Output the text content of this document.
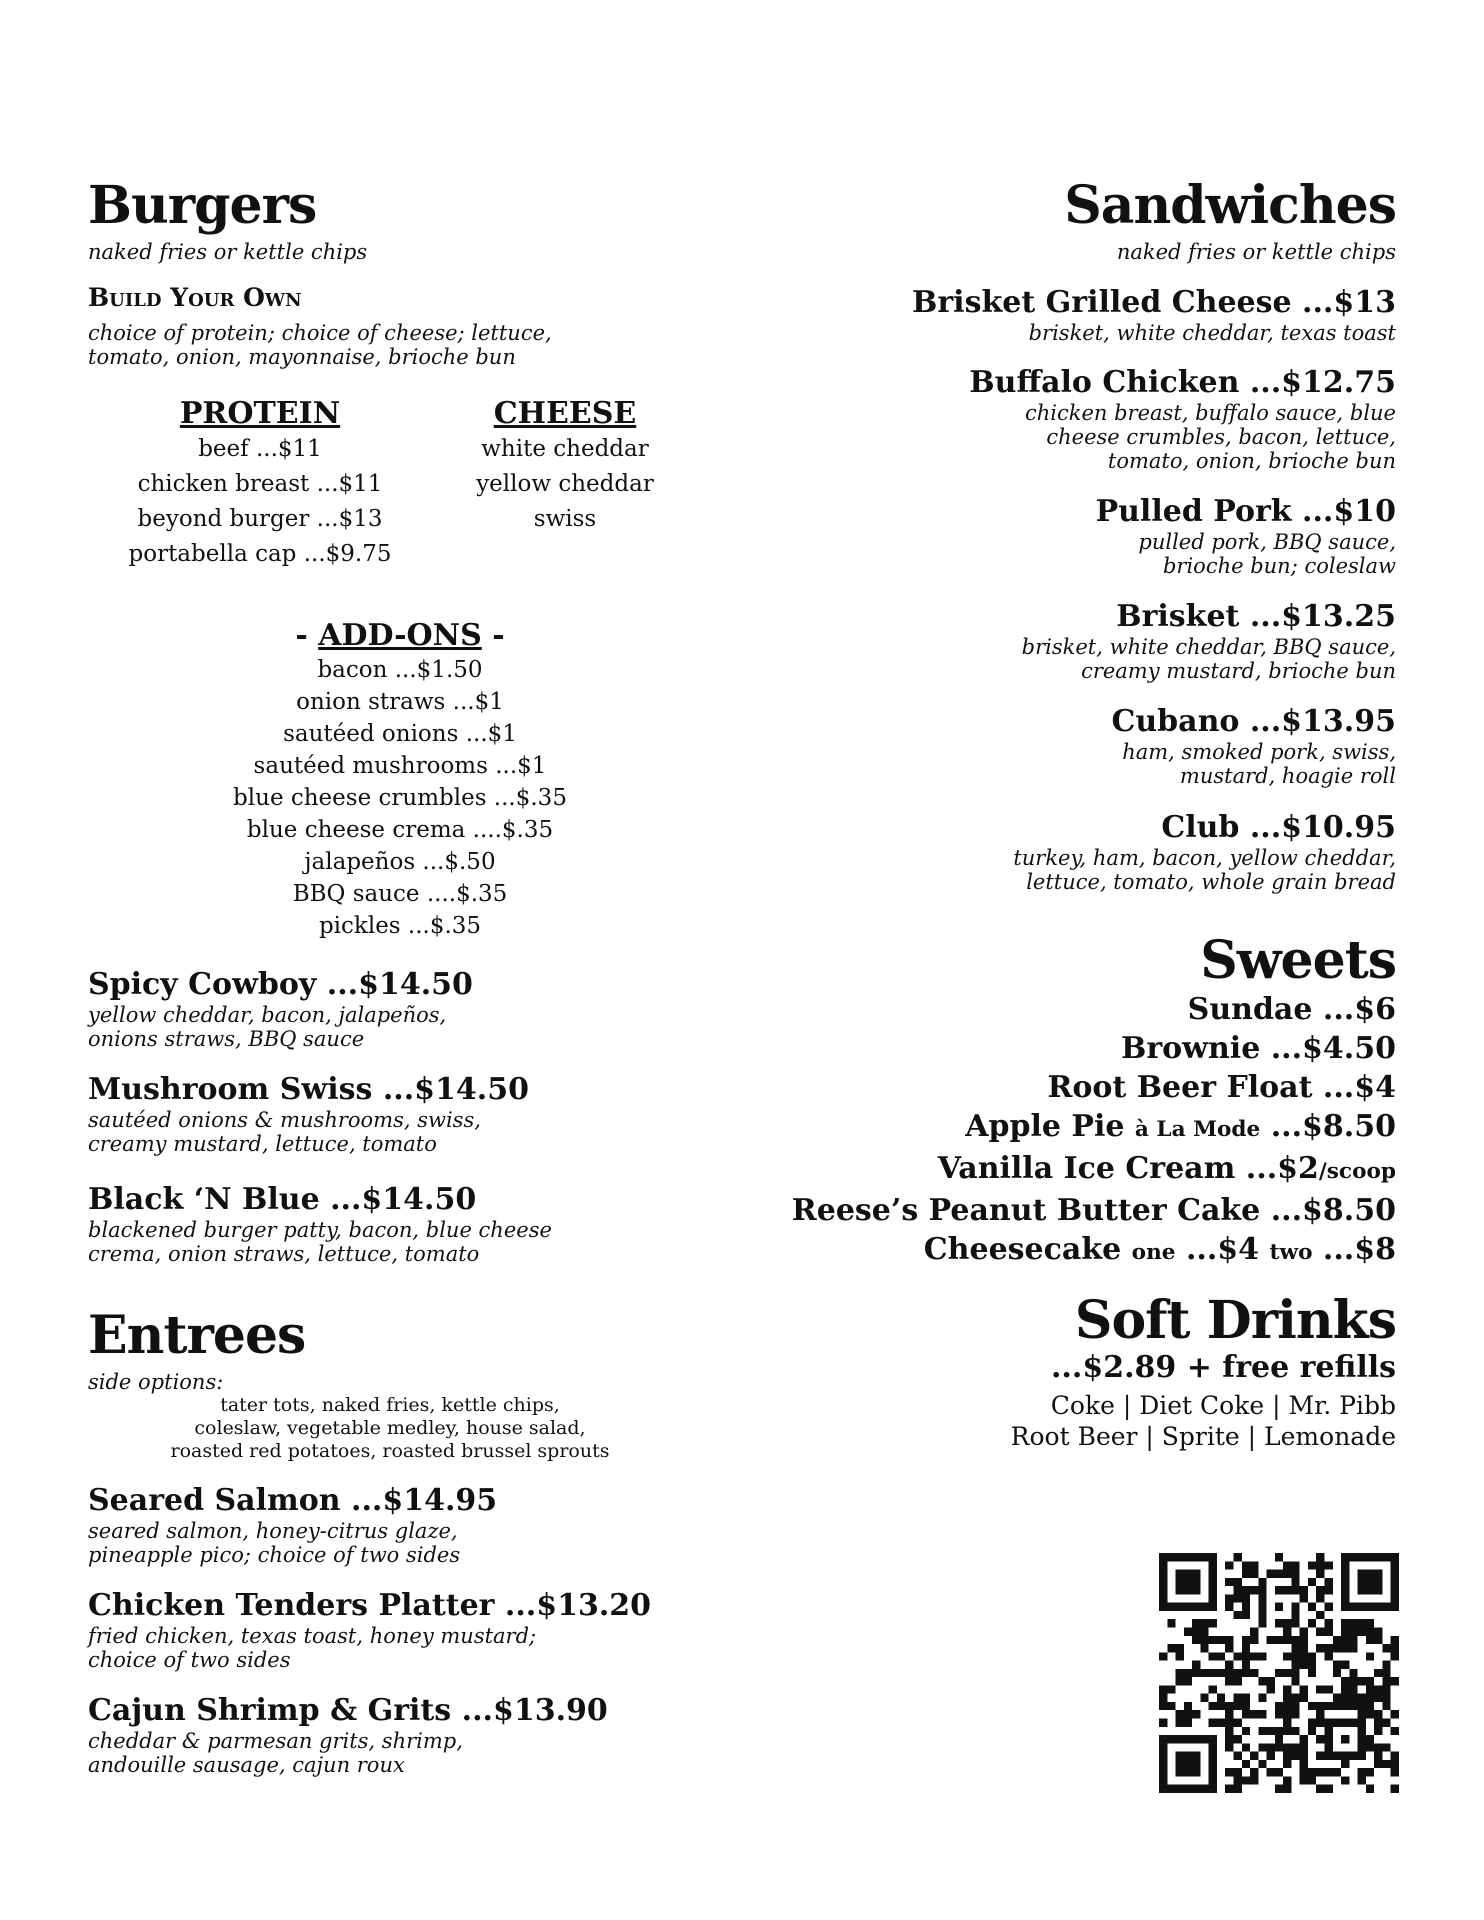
Burgers
naked fries or kettle chips
Build Your Own
choice of protein; choice of cheese; lettuce,
tomato, onion, mayonnaise, brioche bun
PROTEIN
beef ...$11
chicken breast ...$11
beyond burger ...$13
portabella cap ...$9.75
CHEESE
white cheddar
yellow cheddar
swiss
- ADD-ONS -
bacon ...$1.50
onion straws ...$1
sautéed onions ...$1
sautéed mushrooms ...$1
blue cheese crumbles ...$.35
blue cheese crema ....$.35
jalapeños ...$.50
BBQ sauce ....$.35
pickles ...$.35
Spicy Cowboy ...$14.50
yellow cheddar, bacon, jalapeños,
onions straws, BBQ sauce
Mushroom Swiss ...$14.50
sautéed onions & mushrooms, swiss,
creamy mustard, lettuce, tomato
Black ‘N Blue ...$14.50
blackened burger patty, bacon, blue cheese
crema, onion straws, lettuce, tomato
Entrees
side options:
tater tots, naked fries, kettle chips,
coleslaw, vegetable medley, house salad,
roasted red potatoes, roasted brussel sprouts
Seared Salmon ...$14.95
seared salmon, honey-citrus glaze,
pineapple pico; choice of two sides
Chicken Tenders Platter ...$13.20
fried chicken, texas toast, honey mustard;
choice of two sides
Cajun Shrimp & Grits ...$13.90
cheddar & parmesan grits, shrimp,
andouille sausage, cajun roux
Sandwiches
naked fries or kettle chips
Brisket Grilled Cheese ...$13
brisket, white cheddar, texas toast
Buffalo Chicken ...$12.75
chicken breast, buffalo sauce, blue
cheese crumbles, bacon, lettuce,
tomato, onion, brioche bun
Pulled Pork ...$10
pulled pork, BBQ sauce,
brioche bun; coleslaw
Brisket ...$13.25
brisket, white cheddar, BBQ sauce,
creamy mustard, brioche bun
Cubano ...$13.95
ham, smoked pork, swiss,
mustard, hoagie roll
Club ...$10.95
turkey, ham, bacon, yellow cheddar,
lettuce, tomato, whole grain bread
Sweets
Sundae ...$6
Brownie ...$4.50
Root Beer Float ...$4
Apple Pie à La Mode ...$8.50
Vanilla Ice Cream ...$2/scoop
Reese’s Peanut Butter Cake ...$8.50
Cheesecake one ...$4 two ...$8
Soft Drinks
...$2.89 + free refills
Coke | Diet Coke | Mr. Pibb
Root Beer | Sprite | Lemonade
